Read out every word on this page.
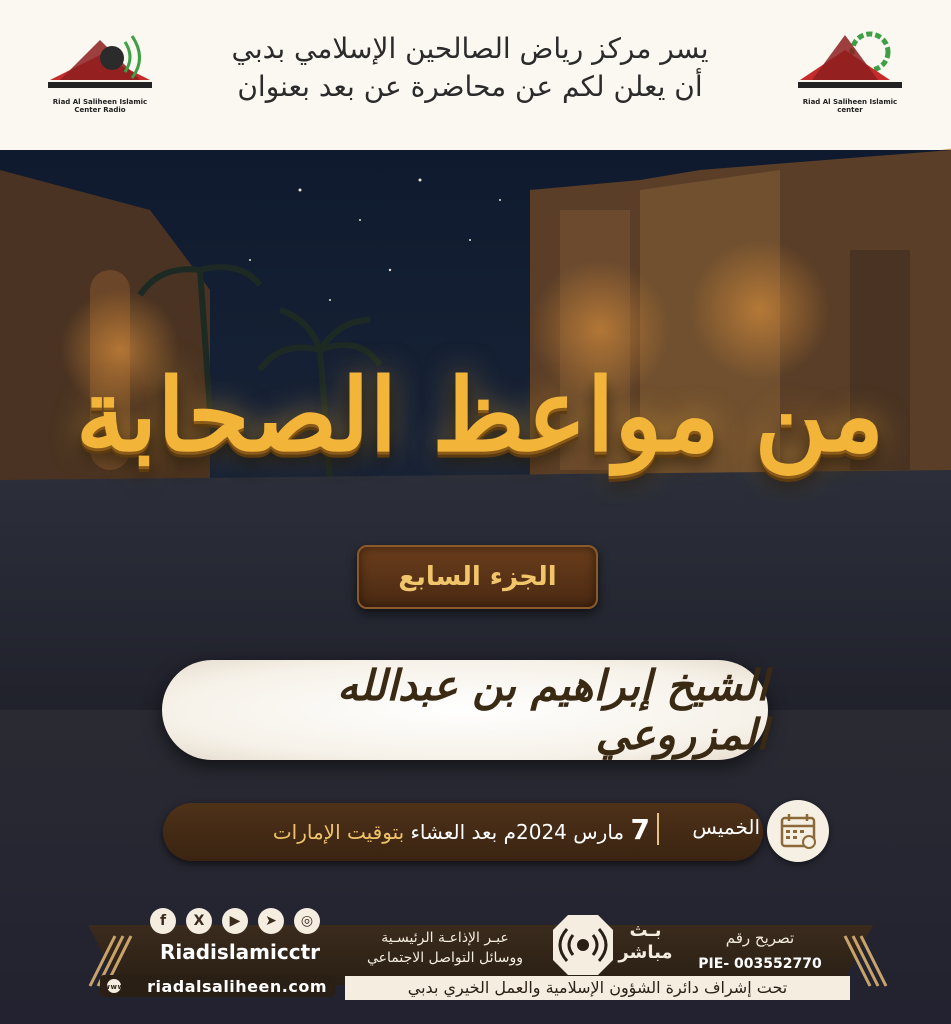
Riad Al Saliheen Islamic Center Radio
Riad Al Saliheen Islamic center
يسر مركز رياض الصالحين الإسلامي بدبي
أن يعلن لكم عن محاضرة عن بعد بعنوان
من مواعظ الصحابة
الجزء السابع
الشيخ إبراهيم بن عبدالله المزروعي
الخميس
7 مارس 2024م بعد العشاء بتوقيت الإمارات
f	X	▶	➤	◎
Riadislamicctr
www riadalsaliheen.com
عبـر الإذاعـة الرئيسـية
ووسائل التواصل الاجتماعي
بـث
مباشر
تصريح رقم
PIE- 003552770
تحت إشراف دائرة الشؤون الإسلامية والعمل الخيري بدبي
